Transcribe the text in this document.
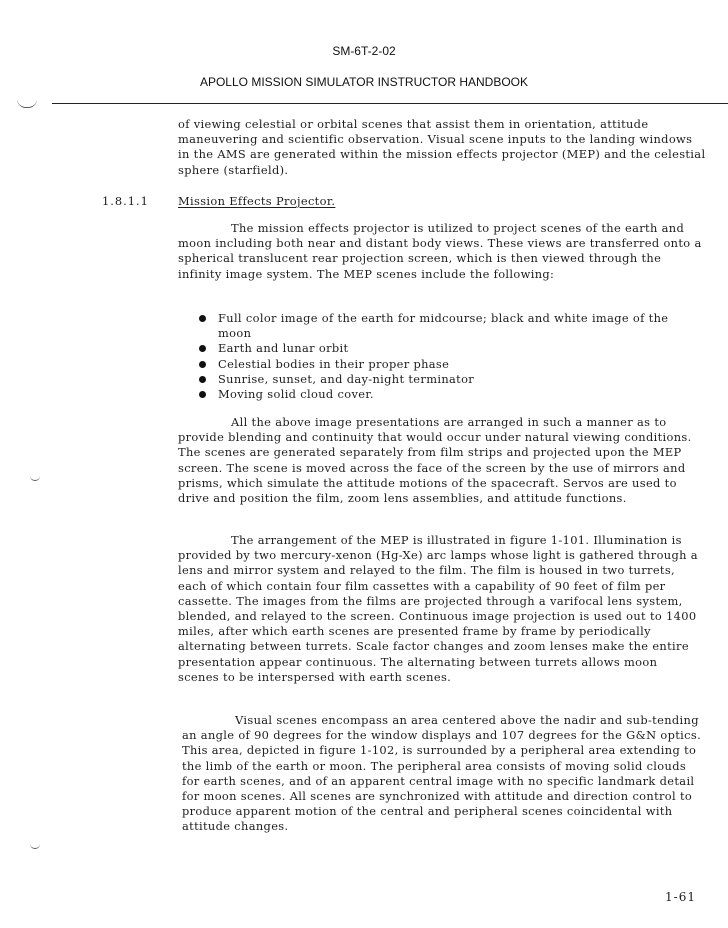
SM-6T-2-02
APOLLO MISSION SIMULATOR INSTRUCTOR HANDBOOK
of viewing celestial or orbital scenes that assist them in orientation, attitude maneuvering and scientific observation. Visual scene inputs to the landing windows in the AMS are generated within the mission effects projector (MEP) and the celestial sphere (starfield).
1.8.1.1	Mission Effects Projector.
The mission effects projector is utilized to project scenes of the earth and moon including both near and distant body views. These views are transferred onto a spherical translucent rear projection screen, which is then viewed through the infinity image system. The MEP scenes include the following:
Full color image of the earth for midcourse; black and white image of the moon
Earth and lunar orbit
Celestial bodies in their proper phase
Sunrise, sunset, and day-night terminator
Moving solid cloud cover.
All the above image presentations are arranged in such a manner as to provide blending and continuity that would occur under natural viewing conditions. The scenes are generated separately from film strips and projected upon the MEP screen. The scene is moved across the face of the screen by the use of mirrors and prisms, which simulate the attitude motions of the spacecraft. Servos are used to drive and position the film, zoom lens assemblies, and attitude functions.
The arrangement of the MEP is illustrated in figure 1-101. Illumination is provided by two mercury-xenon (Hg-Xe) arc lamps whose light is gathered through a lens and mirror system and relayed to the film. The film is housed in two turrets, each of which contain four film cassettes with a capability of 90 feet of film per cassette. The images from the films are projected through a varifocal lens system, blended, and relayed to the screen. Continuous image projection is used out to 1400 miles, after which earth scenes are presented frame by frame by periodically alternating between turrets. Scale factor changes and zoom lenses make the entire presentation appear continuous. The alternating between turrets allows moon scenes to be interspersed with earth scenes.
Visual scenes encompass an area centered above the nadir and sub-tending an angle of 90 degrees for the window displays and 107 degrees for the G&N optics. This area, depicted in figure 1-102, is surrounded by a peripheral area extending to the limb of the earth or moon. The peripheral area consists of moving solid clouds for earth scenes, and of an apparent central image with no specific landmark detail for moon scenes. All scenes are synchronized with attitude and direction control to produce apparent motion of the central and peripheral scenes coincidental with attitude changes.
1-61
